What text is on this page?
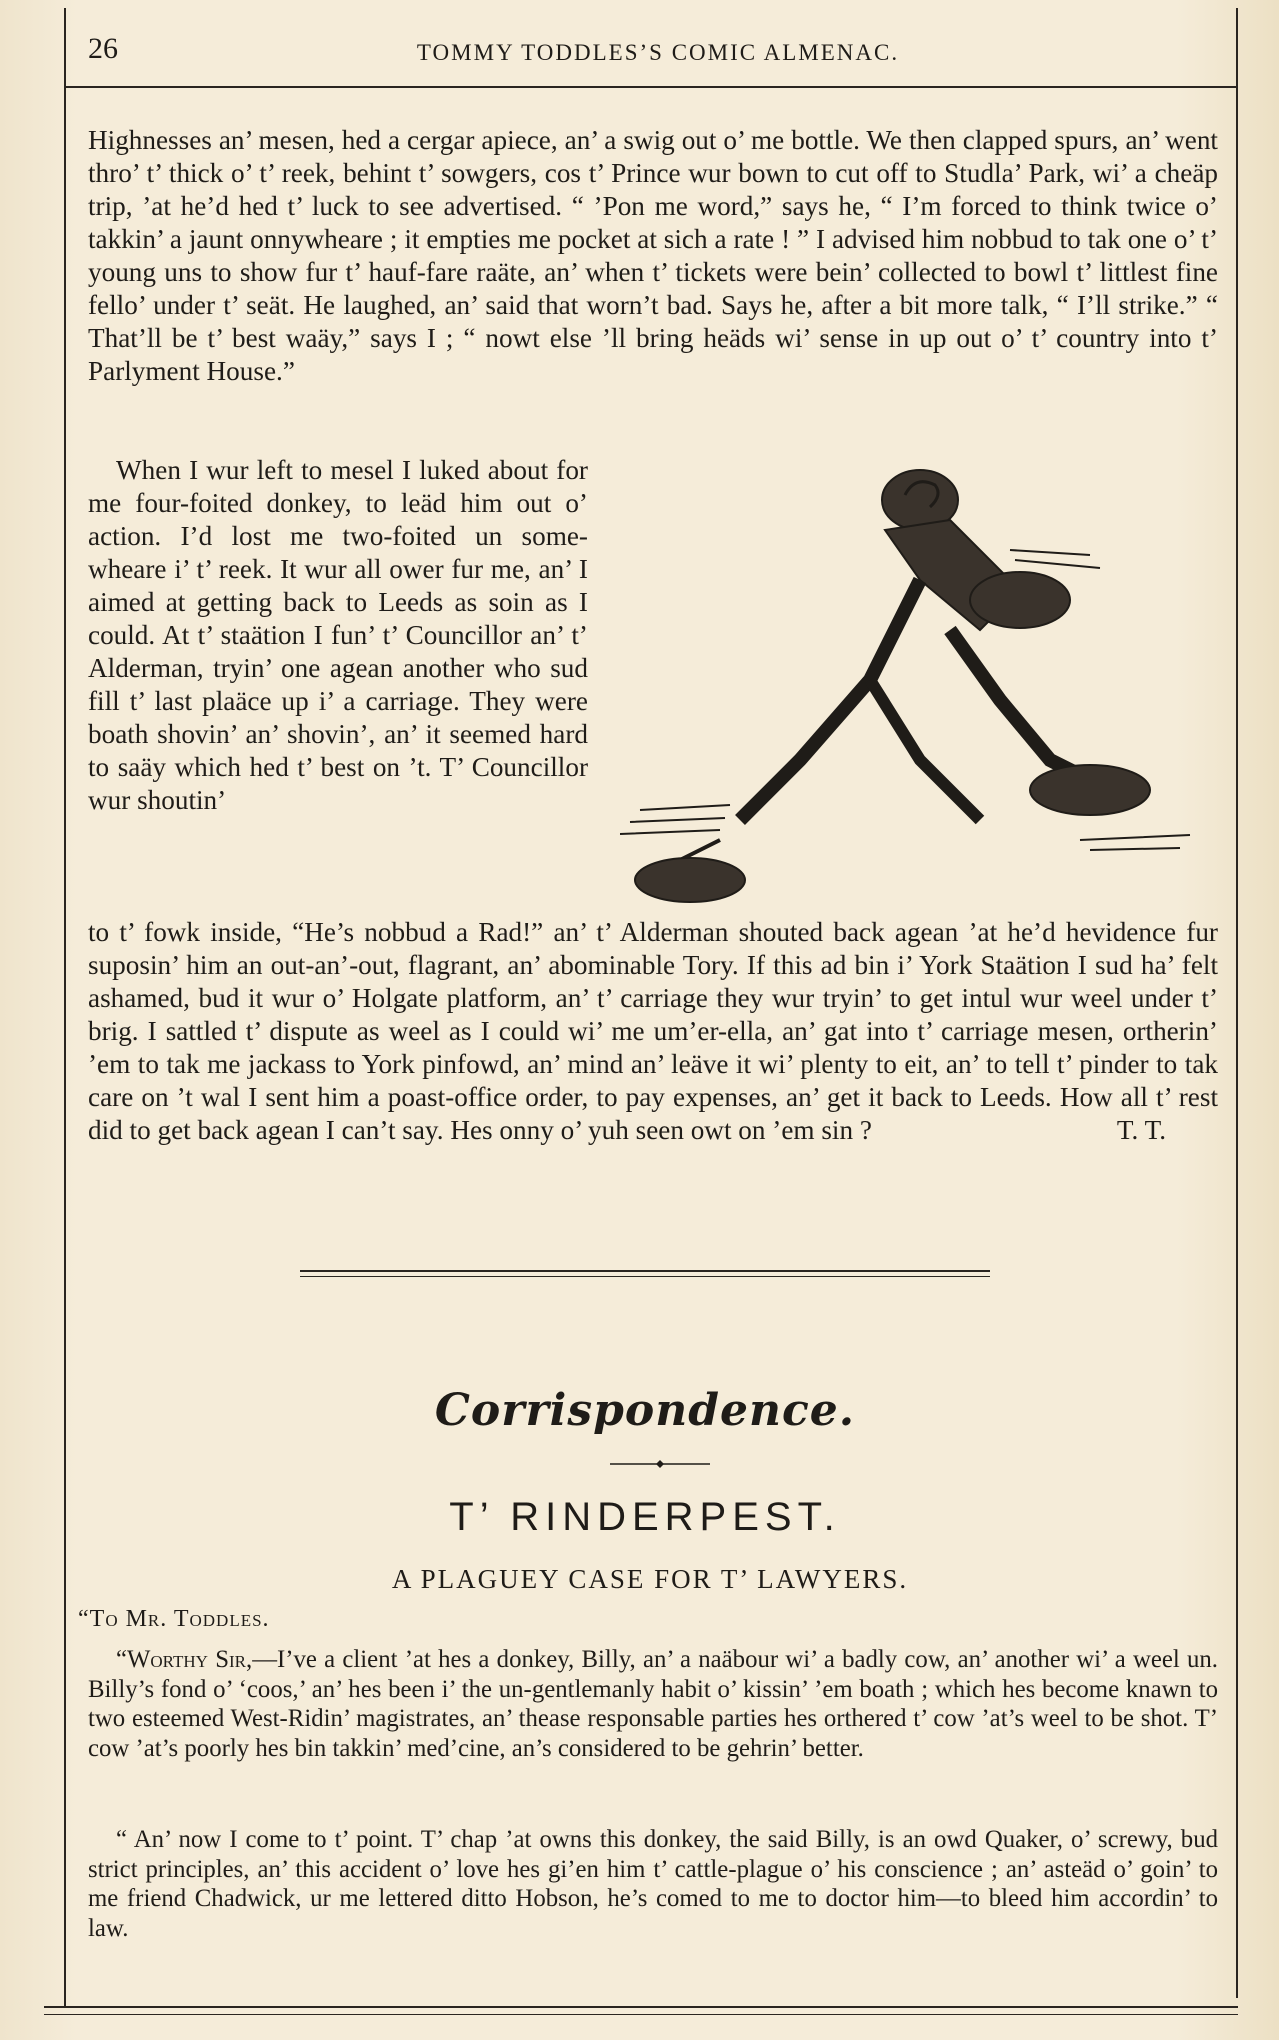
26	TOMMY TODDLES’S COMIC ALMENAC.

Highnesses an’ mesen, hed a cergar apiece, an’ a swig out o’ me bottle. We then clapped spurs, an’ went thro’ t’ thick o’ t’ reek, behint t’ sowgers, cos t’ Prince wur bown to cut off to Studla’ Park, wi’ a cheäp trip, ’at he’d hed t’ luck to see advertised. “ ’Pon me word,” says he, “ I’m forced to think twice o’ takkin’ a jaunt onnywheare ; it empties me pocket at sich a rate ! ” I advised him nobbud to tak one o’ t’ young uns to show fur t’ hauf-fare raäte, an’ when t’ tickets were bein’ collected to bowl t’ littlest fine fello’ under t’ seät. He laughed, an’ said that worn’t bad. Says he, after a bit more talk, “ I’ll strike.” “ That’ll be t’ best waäy,” says I ; “ nowt else ’ll bring heäds wi’ sense in up out o’ t’ country into t’ Parlyment House.”

When I wur left to mesel I luked about for me four-foited donkey, to leäd him out o’ action. I’d lost me two-foited un some-wheare i’ t’ reek. It wur all ower fur me, an’ I aimed at getting back to Leeds as soin as I could. At t’ staätion I fun’ t’ Councillor an’ t’ Alderman, tryin’ one agean another who sud fill t’ last plaäce up i’ a carriage. They were boath shovin’ an’ shovin’, an’ it seemed hard to saäy which hed t’ best on ’t. T’ Councillor wur shoutin’

to t’ fowk inside, “He’s nobbud a Rad!” an’ t’ Alderman shouted back agean ’at he’d hevidence fur suposin’ him an out-an’-out, flagrant, an’ abominable Tory. If this ad bin i’ York Staätion I sud ha’ felt ashamed, bud it wur o’ Holgate platform, an’ t’ carriage they wur tryin’ to get intul wur weel under t’ brig. I sattled t’ dispute as weel as I could wi’ me um’er-ella, an’ gat into t’ carriage mesen, ortherin’ ’em to tak me jackass to York pinfowd, an’ mind an’ leäve it wi’ plenty to eit, an’ to tell t’ pinder to tak care on ’t wal I sent him a poast-office order, to pay expenses, an’ get it back to Leeds. How all t’ rest did to get back agean I can’t say. Hes onny o’ yuh seen owt on ’em sin ?	T. T.

Corrispondence.
T’ RINDERPEST.
A PLAGUEY CASE FOR T’ LAWYERS.
“To Mr. Toddles.

“Worthy Sir,—I’ve a client ’at hes a donkey, Billy, an’ a naäbour wi’ a badly cow, an’ another wi’ a weel un. Billy’s fond o’ ‘coos,’ an’ hes been i’ the un-gentlemanly habit o’ kissin’ ’em boath ; which hes become knawn to two esteemed West-Ridin’ magistrates, an’ thease responsable parties hes orthered t’ cow ’at’s weel to be shot. T’ cow ’at’s poorly hes bin takkin’ med’cine, an’s considered to be gehrin’ better.

“ An’ now I come to t’ point. T’ chap ’at owns this donkey, the said Billy, is an owd Quaker, o’ screwy, bud strict principles, an’ this accident o’ love hes gi’en him t’ cattle-plague o’ his conscience ; an’ asteäd o’ goin’ to me friend Chadwick, ur me lettered ditto Hobson, he’s comed to me to doctor him—to bleed him accordin’ to law.
